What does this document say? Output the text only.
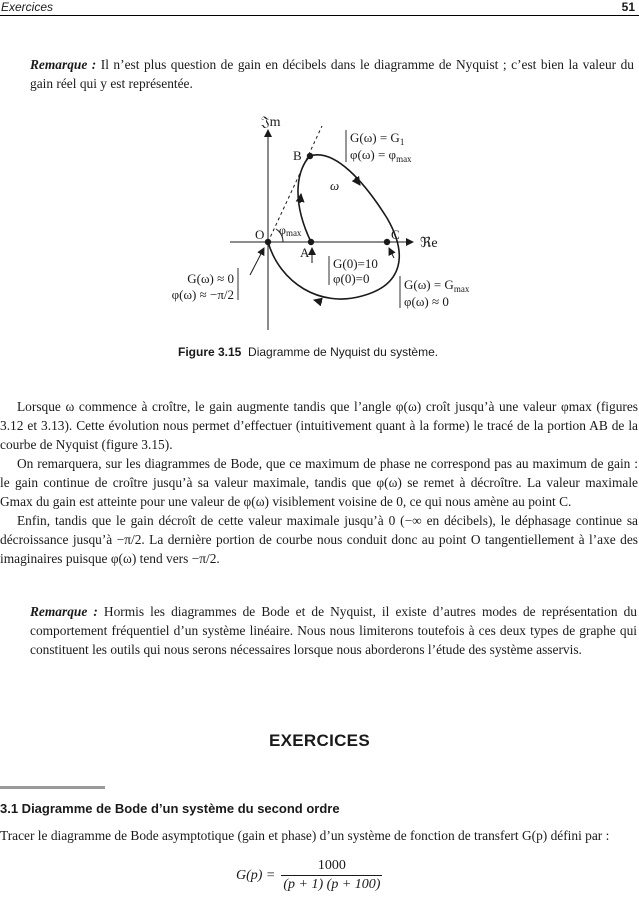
Exercices	51
Remarque : Il n’est plus question de gain en décibels dans le diagramme de Nyquist ; c’est bien la valeur du gain réel qui y est représentée.
𝔍m
ℜe
B
O
A
C
$G(\omega) = G_1$
$\varphi(\omega) = \varphi_{max}$
ω
φmax
G(0)=10
φ(0)=0	$G(\omega) = G_{max}$
φ(ω) ≈ 0
G(ω) ≈ 0
φ(ω) ≈ −π/2
Figure 3.15 Diagramme de Nyquist du système.

Lorsque ω commence à croître, le gain augmente tandis que l’angle φ(ω) croît jusqu’à une valeur φmax (figures 3.12 et 3.13). Cette évolution nous permet d’effectuer (intuitivement quant à la forme) le tracé de la portion AB de la courbe de Nyquist (figure 3.15).

On remarquera, sur les diagrammes de Bode, que ce maximum de phase ne correspond pas au maximum de gain : le gain continue de croître jusqu’à sa valeur maximale, tandis que φ(ω) se remet à décroître. La valeur maximale Gmax du gain est atteinte pour une valeur de φ(ω) visiblement voisine de 0, ce qui nous amène au point C.

Enfin, tandis que le gain décroît de cette valeur maximale jusqu’à 0 (−∞ en décibels), le déphasage continue sa décroissance jusqu’à −π/2. La dernière portion de courbe nous conduit donc au point O tangentiellement à l’axe des imaginaires puisque φ(ω) tend vers −π/2.

Remarque : Hormis les diagrammes de Bode et de Nyquist, il existe d’autres modes de représentation du comportement fréquentiel d’un système linéaire. Nous nous limiterons toutefois à ces deux types de graphe qui constituent les outils qui nous serons nécessaires lorsque nous aborderons l’étude des système asservis.
EXERCICES
3.1 Diagramme de Bode d’un système du second ordre
Tracer le diagramme de Bode asymptotique (gain et phase) d’un système de fonction de transfert G(p) défini par :
$G(p) = \frac{1000}{(p + 1) (p + 100)}$
